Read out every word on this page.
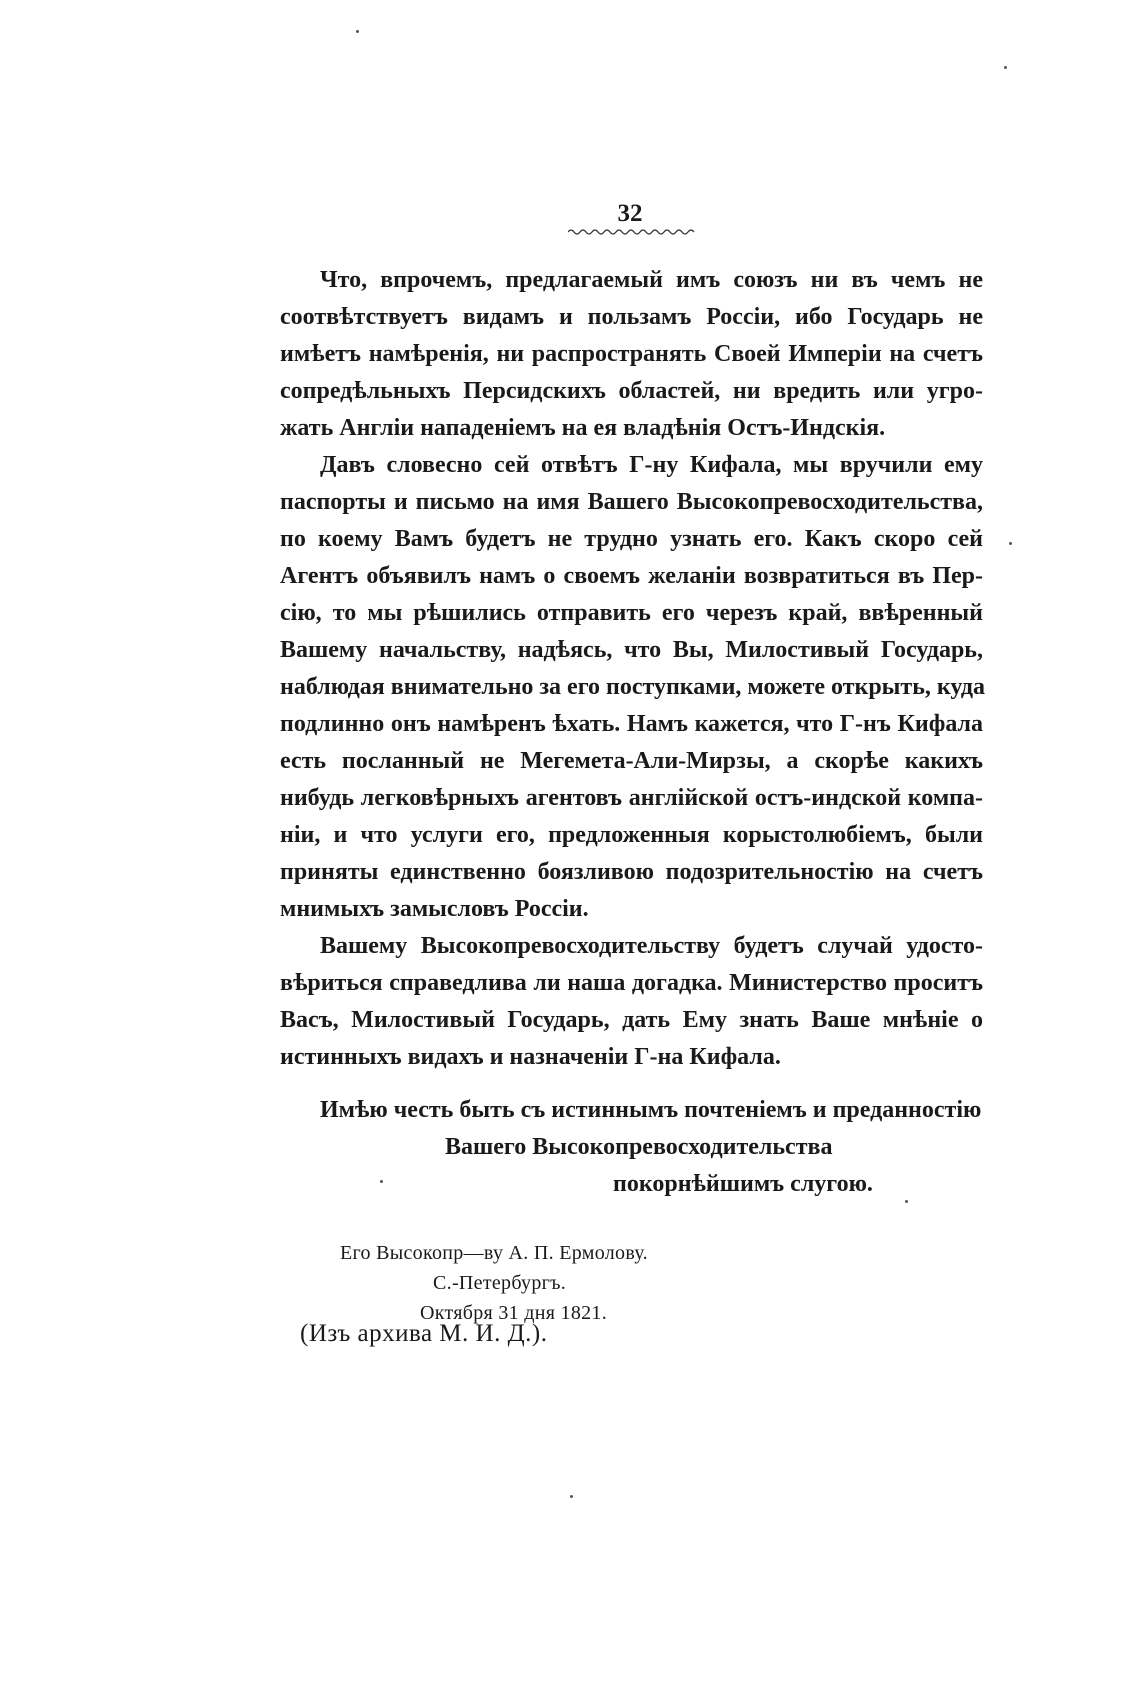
32
Что, впрочемъ, предлагаемый имъ союзъ ни въ чемъ не
соотвѣтствуетъ видамъ и пользамъ Россіи, ибо Государь не
имѣетъ намѣренія, ни распространять Своей Имперіи на счетъ
сопредѣльныхъ Персидскихъ областей, ни вредить или угро-
жать Англіи нападеніемъ на ея владѣнія Остъ-Индскія.
Давъ словесно сей отвѣтъ Г-ну Кифала, мы вручили ему
паспорты и письмо на имя Вашего Высокопревосходительства,
по коему Вамъ будетъ не трудно узнать его. Какъ скоро сей
Агентъ объявилъ намъ о своемъ желаніи возвратиться въ Пер-
сію, то мы рѣшились отправить его черезъ край, ввѣренный
Вашему начальству, надѣясь, что Вы, Милостивый Государь,
наблюдая внимательно за его поступками, можете открыть, куда
подлинно онъ намѣренъ ѣхать. Намъ кажется, что Г-нъ Кифала
есть посланный не Мегемета-Али-Мирзы, а скорѣе какихъ
нибудь легковѣрныхъ агентовъ англійской остъ-индской компа-
ніи, и что услуги его, предложенныя корыстолюбіемъ, были
приняты единственно боязливою подозрительностію на счетъ
мнимыхъ замысловъ Россіи.
Вашему Высокопревосходительству будетъ случай удосто-
вѣриться справедлива ли наша догадка. Министерство проситъ
Васъ, Милостивый Государь, дать Ему знать Ваше мнѣніе о
истинныхъ видахъ и назначеніи Г-на Кифала.
Имѣю честь быть съ истиннымъ почтеніемъ и преданностію
Вашего Высокопревосходительства
покорнѣйшимъ слугою.
Его Высокопр—ву А. П. Ермолову.
С.-Петербургъ.
Октября 31 дня 1821.
(Изъ архива М. И. Д.).
